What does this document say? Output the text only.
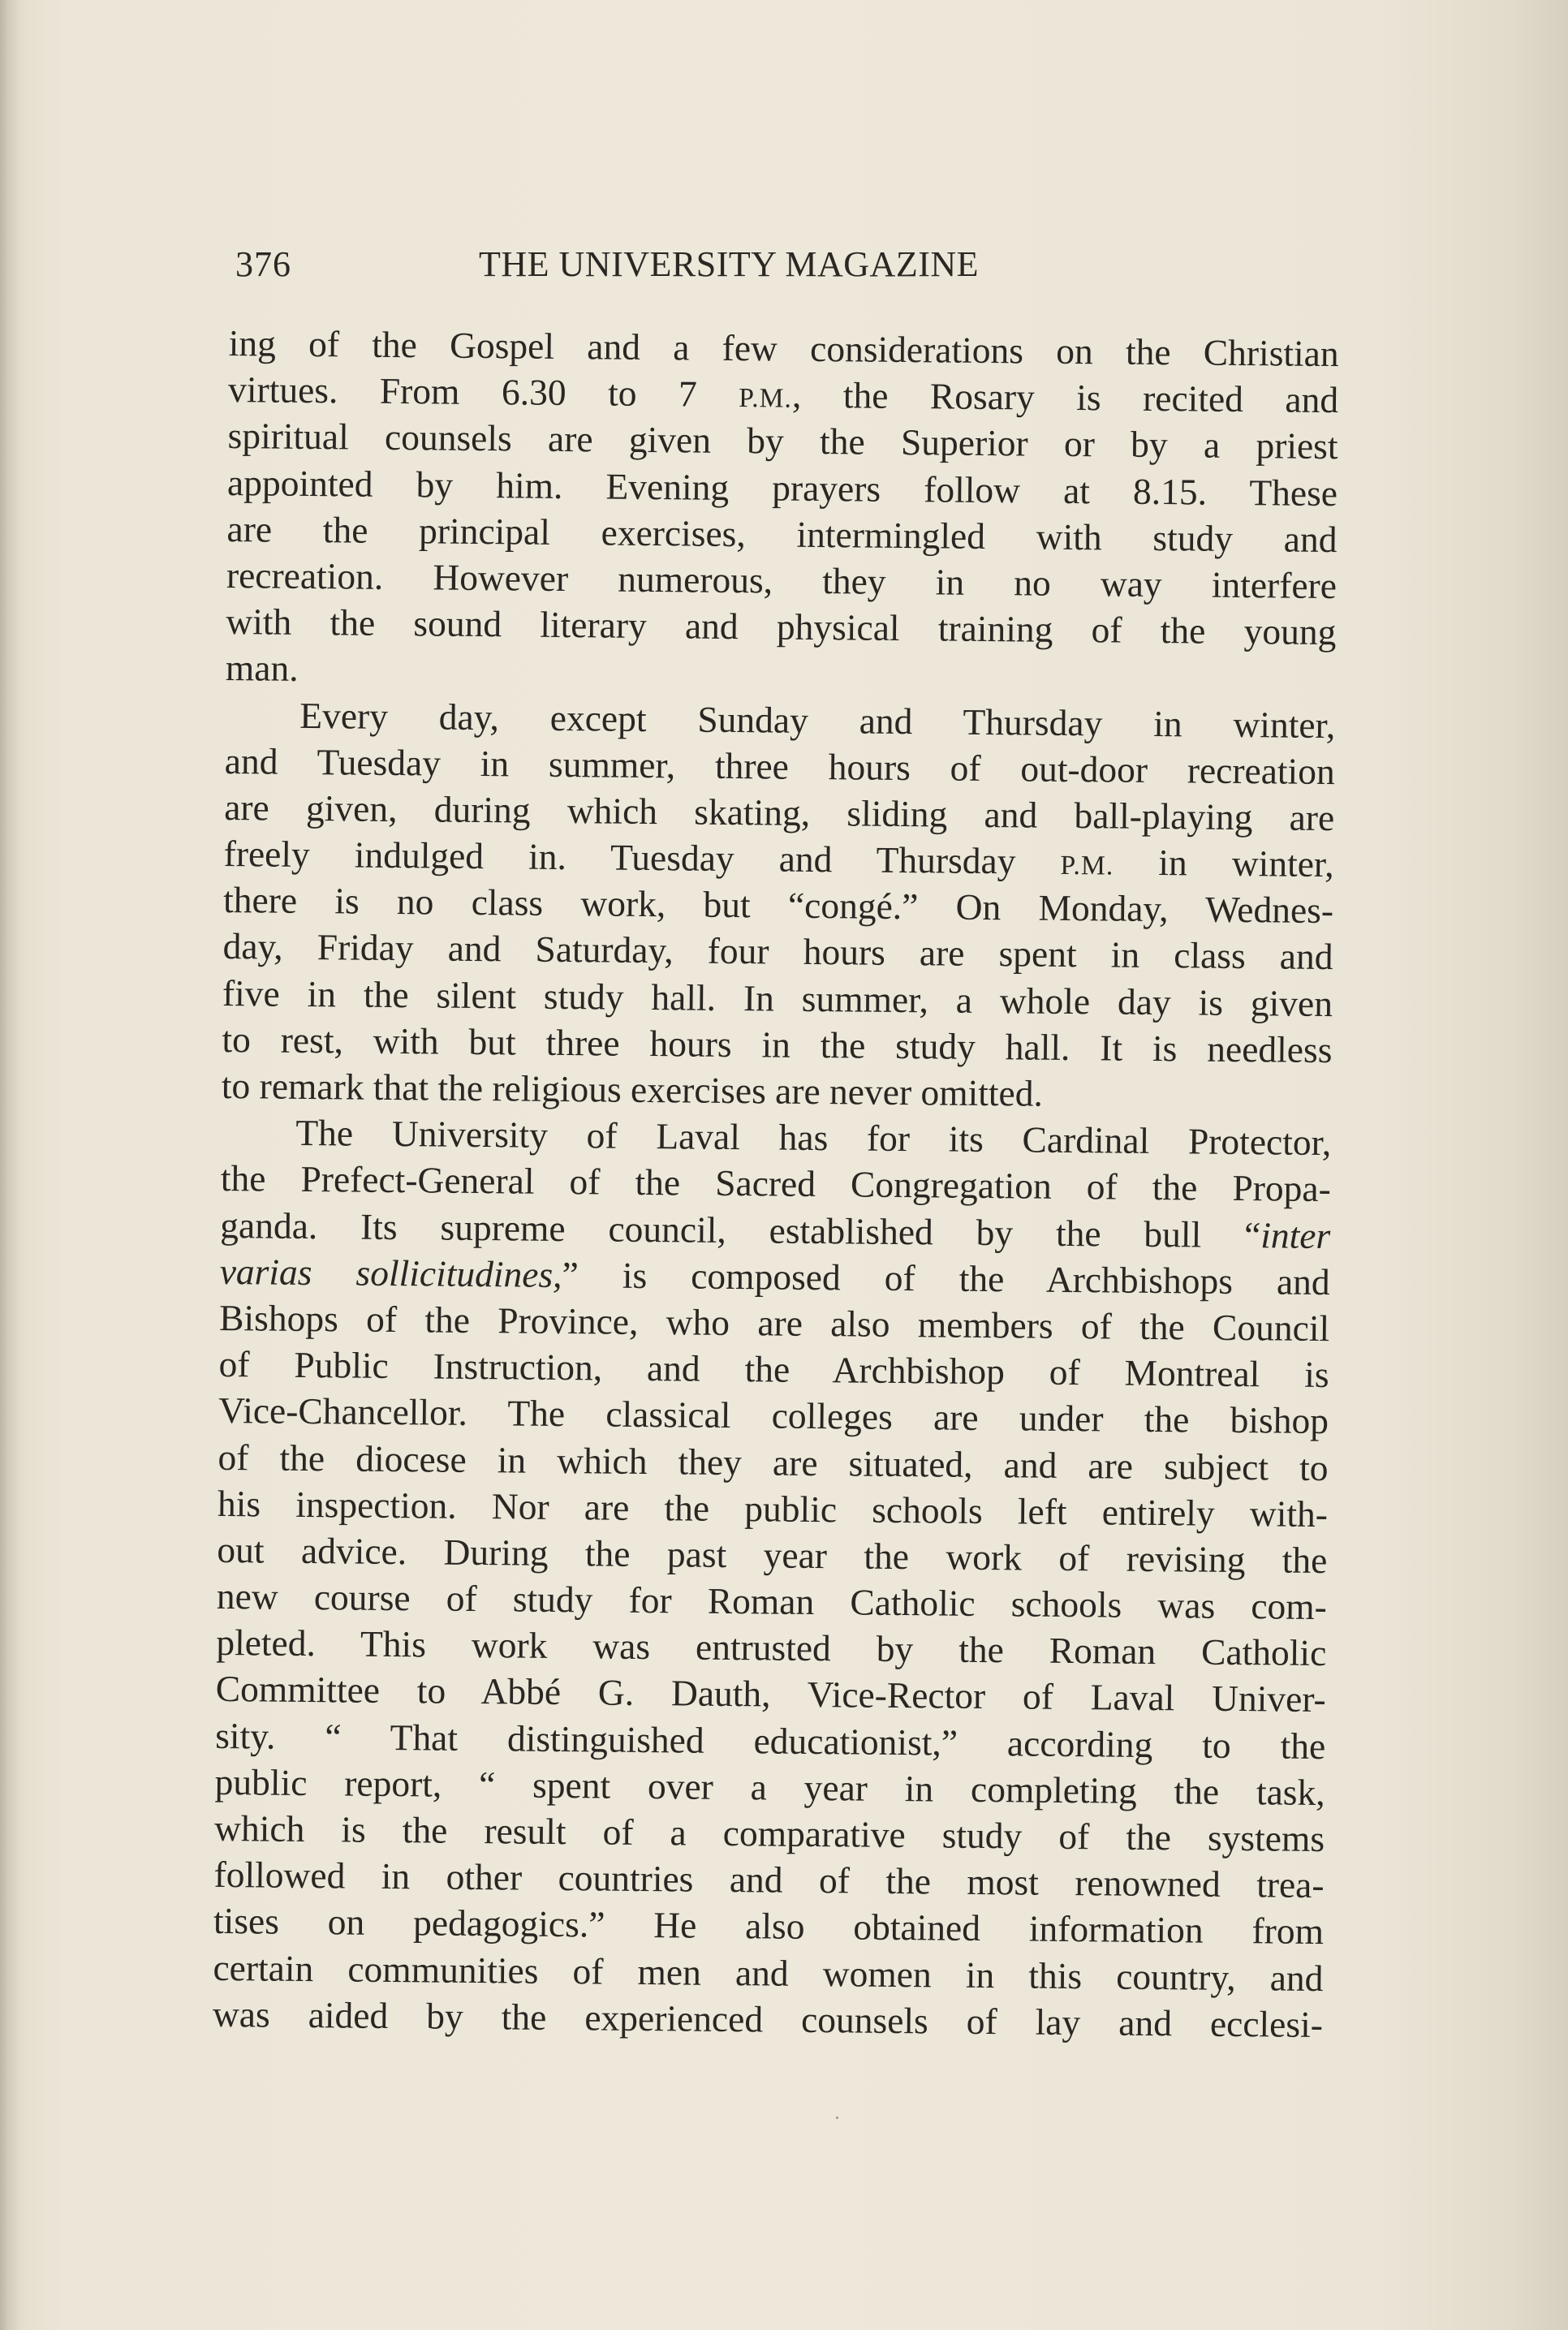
376	THE UNIVERSITY MAGAZINE
ing of the Gospel and a few considerations on the Christian
virtues. From 6.30 to 7 P.M., the Rosary is recited and
spiritual counsels are given by the Superior or by a priest
appointed by him. Evening prayers follow at 8.15. These
are the principal exercises, intermingled with study and
recreation. However numerous, they in no way interfere
with the sound literary and physical training of the young
man.
Every day, except Sunday and Thursday in winter,
and Tuesday in summer, three hours of out-door recreation
are given, during which skating, sliding and ball-playing are
freely indulged in. Tuesday and Thursday P.M. in winter,
there is no class work, but “congé.” On Monday, Wednes-
day, Friday and Saturday, four hours are spent in class and
five in the silent study hall. In summer, a whole day is given
to rest, with but three hours in the study hall. It is needless
to remark that the religious exercises are never omitted.
The University of Laval has for its Cardinal Protector,
the Prefect-General of the Sacred Congregation of the Propa-
ganda. Its supreme council, established by the bull “inter
varias sollicitudines,” is composed of the Archbishops and
Bishops of the Province, who are also members of the Council
of Public Instruction, and the Archbishop of Montreal is
Vice-Chancellor. The classical colleges are under the bishop
of the diocese in which they are situated, and are subject to
his inspection. Nor are the public schools left entirely with-
out advice. During the past year the work of revising the
new course of study for Roman Catholic schools was com-
pleted. This work was entrusted by the Roman Catholic
Committee to Abbé G. Dauth, Vice-Rector of Laval Univer-
sity. “ That distinguished educationist,” according to the
public report, “ spent over a year in completing the task,
which is the result of a comparative study of the systems
followed in other countries and of the most renowned trea-
tises on pedagogics.” He also obtained information from
certain communities of men and women in this country, and
was aided by the experienced counsels of lay and ecclesi-
